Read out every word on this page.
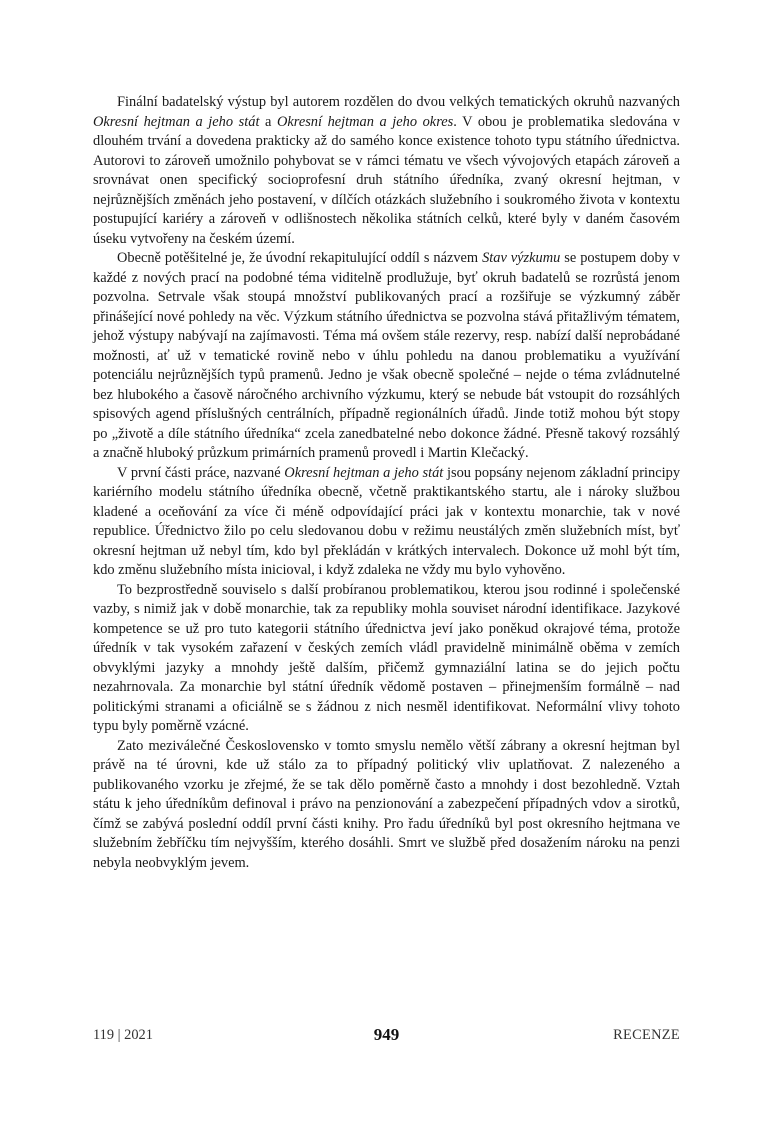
Finální badatelský výstup byl autorem rozdělen do dvou velkých tematických okruhů nazvaných Okresní hejtman a jeho stát a Okresní hejtman a jeho okres. V obou je problematika sledována v dlouhém trvání a dovedena prakticky až do samého konce existence tohoto typu státního úřednictva. Autorovi to zároveň umožnilo pohybovat se v rámci tématu ve všech vývojových etapách zároveň a srovnávat onen specifický socioprofesní druh státního úředníka, zvaný okresní hejtman, v nejrůznějších změnách jeho postavení, v dílčích otázkách služebního i soukromého života v kontextu postupující kariéry a zároveň v odlišnostech několika státních celků, které byly v daném časovém úseku vytvořeny na českém území.

Obecně potěšitelné je, že úvodní rekapitulující oddíl s názvem Stav výzkumu se postupem doby v každé z nových prací na podobné téma viditelně prodlužuje, byť okruh badatelů se rozrůstá jenom pozvolna. Setrvale však stoupá množství publikovaných prací a rozšiřuje se výzkumný záběr přinášející nové pohledy na věc. Výzkum státního úřednictva se pozvolna stává přitažlivým tématem, jehož výstupy nabývají na zajímavosti. Téma má ovšem stále rezervy, resp. nabízí další neprobádané možnosti, ať už v tematické rovině nebo v úhlu pohledu na danou problematiku a využívání potenciálu nejrůznějších typů pramenů. Jedno je však obecně společné – nejde o téma zvládnutelné bez hlubokého a časově náročného archivního výzkumu, který se nebude bát vstoupit do rozsáhlých spisových agend příslušných centrálních, případně regionálních úřadů. Jinde totiž mohou být stopy po „životě a díle státního úředníka“ zcela zanedbatelné nebo dokonce žádné. Přesně takový rozsáhlý a značně hluboký průzkum primárních pramenů provedl i Martin Klečacký.

V první části práce, nazvané Okresní hejtman a jeho stát jsou popsány nejenom základní principy kariérního modelu státního úředníka obecně, včetně praktikantského startu, ale i nároky službou kladené a oceňování za více či méně odpovídající práci jak v kontextu monarchie, tak v nové republice. Úřednictvo žilo po celu sledovanou dobu v režimu neustálých změn služebních míst, byť okresní hejtman už nebyl tím, kdo byl překládán v krátkých intervalech. Dokonce už mohl být tím, kdo změnu služebního místa inicioval, i když zdaleka ne vždy mu bylo vyhověno.

To bezprostředně souviselo s další probíranou problematikou, kterou jsou rodinné i společenské vazby, s nimiž jak v době monarchie, tak za republiky mohla souviset národní identifikace. Jazykové kompetence se už pro tuto kategorii státního úřednictva jeví jako poněkud okrajové téma, protože úředník v tak vysokém zařazení v českých zemích vládl pravidelně minimálně oběma v zemích obvyklými jazyky a mnohdy ještě dalším, přičemž gymnaziální latina se do jejich počtu nezahrnovala. Za monarchie byl státní úředník vědomě postaven – přinejmenším formálně – nad politickými stranami a oficiálně se s žádnou z nich nesměl identifikovat. Neformální vlivy tohoto typu byly poměrně vzácné.

Zato meziválečné Československo v tomto smyslu nemělo větší zábrany a okresní hejtman byl právě na té úrovni, kde už stálo za to případný politický vliv uplatňovat. Z nalezeného a publikovaného vzorku je zřejmé, že se tak dělo poměrně často a mnohdy i dost bezohledně. Vztah státu k jeho úředníkům definoval i právo na penzionování a zabezpečení případných vdov a sirotků, čímž se zabývá poslední oddíl první části knihy. Pro řadu úředníků byl post okresního hejtmana ve služebním žebříčku tím nejvyšším, kterého dosáhli. Smrt ve službě před dosažením nároku na penzi nebyla neobvyklým jevem.

119 | 2021	949	RECENZE
